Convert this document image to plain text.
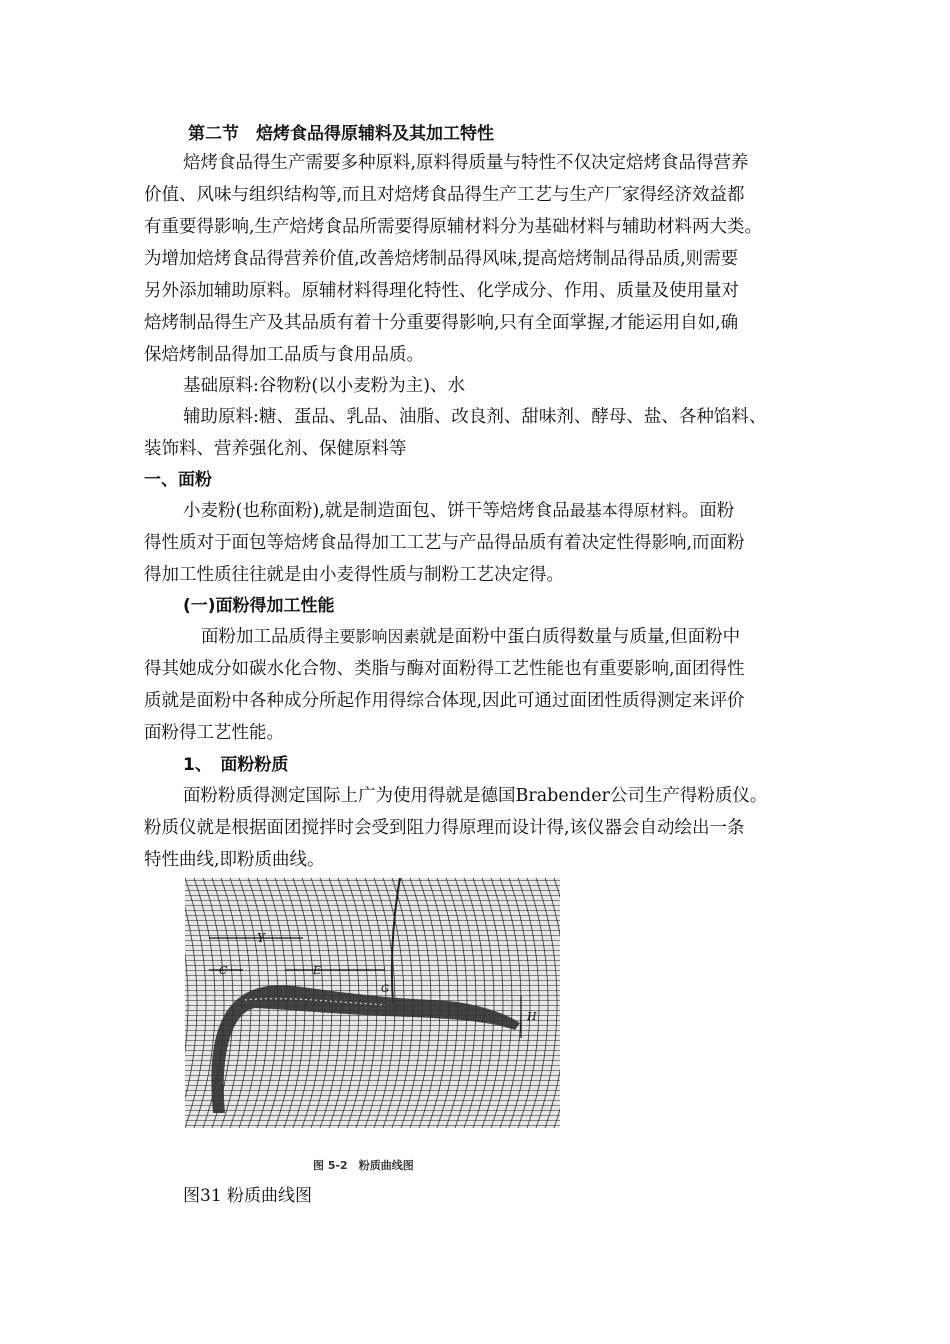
第二节　焙烤食品得原辅料及其加工特性
焙烤食品得生产需要多种原料,原料得质量与特性不仅决定焙烤食品得营养
价值、风味与组织结构等,而且对焙烤食品得生产工艺与生产厂家得经济效益都
有重要得影响,生产焙烤食品所需要得原辅材料分为基础材料与辅助材料两大类。
为增加焙烤食品得营养价值,改善焙烤制品得风味,提高焙烤制品得品质,则需要
另外添加辅助原料。原辅材料得理化特性、化学成分、作用、质量及使用量对
焙烤制品得生产及其品质有着十分重要得影响,只有全面掌握,才能运用自如,确
保焙烤制品得加工品质与食用品质。
基础原料:谷物粉(以小麦粉为主)、水
辅助原料:糖、蛋品、乳品、油脂、改良剂、甜味剂、酵母、盐、各种馅料、
装饰料、营养强化剂、保健原料等
一、面粉
小麦粉(也称面粉),就是制造面包、饼干等焙烤食品最基本得原材料。面粉
得性质对于面包等焙烤食品得加工工艺与产品得品质有着决定性得影响,而面粉
得加工性质往往就是由小麦得性质与制粉工艺决定得。
(一)面粉得加工性能
面粉加工品质得主要影响因素就是面粉中蛋白质得数量与质量,但面粉中
得其她成分如碳水化合物、类脂与酶对面粉得工艺性能也有重要影响,面团得性
质就是面粉中各种成分所起作用得综合体现,因此可通过面团性质得测定来评价
面粉得工艺性能。
1、　面粉粉质
面粉粉质得测定国际上广为使用得就是德国Brabender公司生产得粉质仪。
粉质仪就是根据面团搅拌时会受到阻力得原理而设计得,该仪器会自动绘出一条
特性曲线,即粉质曲线。
Y
C	E
G
H
图 5-2　粉质曲线图
图31 粉质曲线图
